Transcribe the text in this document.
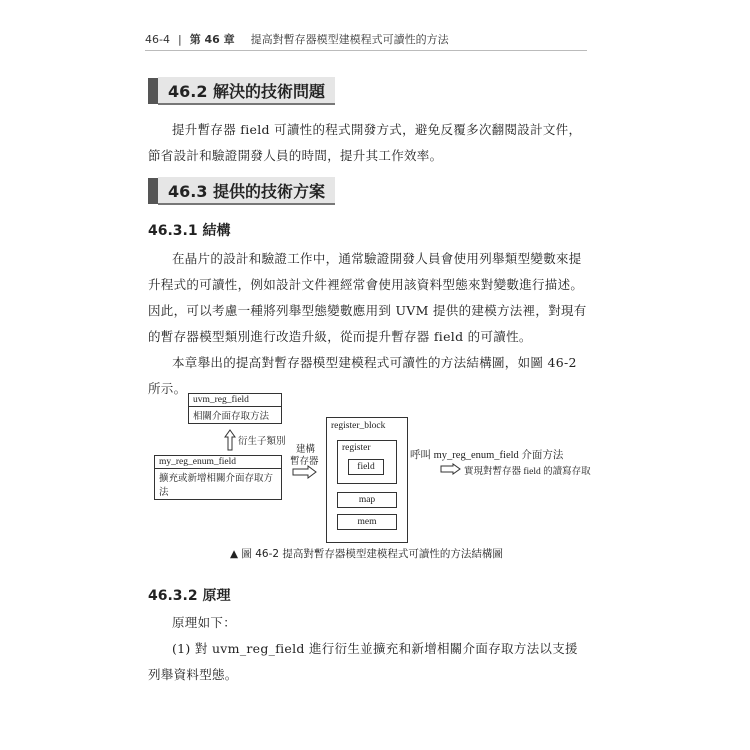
46-4 | 第 46 章 提高對暫存器模型建模程式可讀性的方法
46.2 解決的技術問題
提升暫存器 field 可讀性的程式開發方式，避免反覆多次翻閱設計文件，節省設計和驗證開發人員的時間，提升其工作效率。
46.3 提供的技術方案
46.3.1 結構
在晶片的設計和驗證工作中，通常驗證開發人員會使用列舉類型變數來提升程式的可讀性，例如設計文件裡經常會使用該資料型態來對變數進行描述。因此，可以考慮一種將列舉型態變數應用到 UVM 提供的建模方法裡，對現有的暫存器模型類別進行改造升級，從而提升暫存器 field 的可讀性。
本章舉出的提高對暫存器模型建模程式可讀性的方法結構圖，如圖 46-2 所示。
uvm_reg_field
相關介面存取方法
衍生子類別
my_reg_enum_field
擴充或新增相關介面存取方法
建構
暫存器
register_block
register
field
map
mem
呼叫 my_reg_enum_field 介面方法
實現對暫存器 field 的讀寫存取
▲ 圖 46-2 提高對暫存器模型建模程式可讀性的方法結構圖
46.3.2 原理
原理如下：
(1) 對 uvm_reg_field 進行衍生並擴充和新增相關介面存取方法以支援列舉資料型態。
